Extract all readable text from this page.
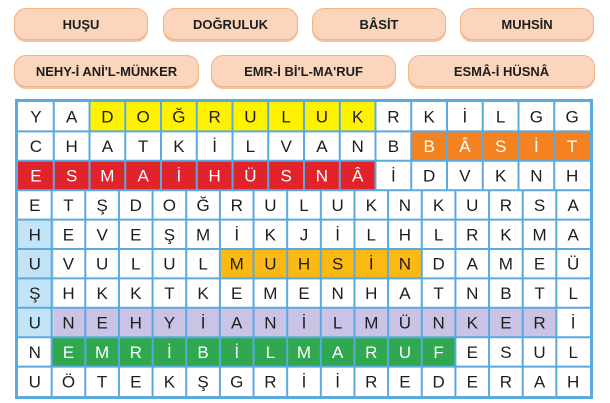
HUŞU	DOĞRULUK	BÂSİT	MUHSİN
NEHY-İ ANİ'L-MÜNKER	EMR-İ Bİ'L-MA'RUF	ESMÂ-İ HÜSNÂ
Y A D O Ğ R U L U K R K İ L G G
C H A T K İ L V A N B B Â S İ T
E S M A İ H Ü S N Â İ D V K N H
E T Ş D O Ğ R U L U K N K U R S A
H E V E Ş M İ K J İ L H L R K M A
U V U L U L M U H S İ N D A M E Ü
Ş H K K T K E M E N H A T N B T L
U N E H Y İ A N İ L M Ü N K E R İ
N E M R İ B İ L M A R U F E S U L
U Ö T E K Ş G R İ İ R E D E R A H
